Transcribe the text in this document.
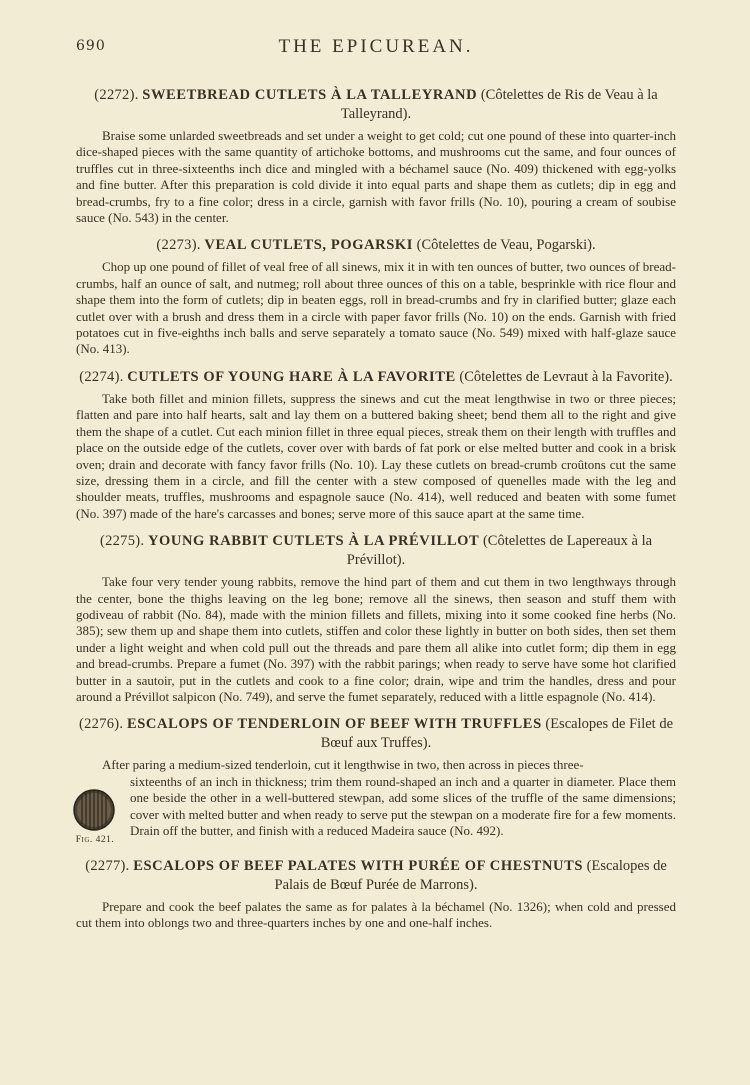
690	THE EPICUREAN.
(2272). SWEETBREAD CUTLETS À LA TALLEYRAND (Côtelettes de Ris de Veau à la Talleyrand).

Braise some unlarded sweetbreads and set under a weight to get cold; cut one pound of these into quarter-inch dice-shaped pieces with the same quantity of artichoke bottoms, and mushrooms cut the same, and four ounces of truffles cut in three-sixteenths inch dice and mingled with a béchamel sauce (No. 409) thickened with egg-yolks and fine butter. After this preparation is cold divide it into equal parts and shape them as cutlets; dip in egg and bread-crumbs, fry to a fine color; dress in a circle, garnish with favor frills (No. 10), pouring a cream of soubise sauce (No. 543) in the center.

(2273). VEAL CUTLETS, POGARSKI (Côtelettes de Veau, Pogarski).

Chop up one pound of fillet of veal free of all sinews, mix it in with ten ounces of butter, two ounces of bread-crumbs, half an ounce of salt, and nutmeg; roll about three ounces of this on a table, besprinkle with rice flour and shape them into the form of cutlets; dip in beaten eggs, roll in bread-crumbs and fry in clarified butter; glaze each cutlet over with a brush and dress them in a circle with paper favor frills (No. 10) on the ends. Garnish with fried potatoes cut in five-eighths inch balls and serve separately a tomato sauce (No. 549) mixed with half-glaze sauce (No. 413).

(2274). CUTLETS OF YOUNG HARE À LA FAVORITE (Côtelettes de Levraut à la Favorite).

Take both fillet and minion fillets, suppress the sinews and cut the meat lengthwise in two or three pieces; flatten and pare into half hearts, salt and lay them on a buttered baking sheet; bend them all to the right and give them the shape of a cutlet. Cut each minion fillet in three equal pieces, streak them on their length with truffles and place on the outside edge of the cutlets, cover over with bards of fat pork or else melted butter and cook in a brisk oven; drain and decorate with fancy favor frills (No. 10). Lay these cutlets on bread-crumb croûtons cut the same size, dressing them in a circle, and fill the center with a stew composed of quenelles made with the leg and shoulder meats, truffles, mushrooms and espagnole sauce (No. 414), well reduced and beaten with some fumet (No. 397) made of the hare's carcasses and bones; serve more of this sauce apart at the same time.

(2275). YOUNG RABBIT CUTLETS À LA PRÉVILLOT (Côtelettes de Lapereaux à la Prévillot).

Take four very tender young rabbits, remove the hind part of them and cut them in two lengthways through the center, bone the thighs leaving on the leg bone; remove all the sinews, then season and stuff them with godiveau of rabbit (No. 84), made with the minion fillets and fillets, mixing into it some cooked fine herbs (No. 385); sew them up and shape them into cutlets, stiffen and color these lightly in butter on both sides, then set them under a light weight and when cold pull out the threads and pare them all alike into cutlet form; dip them in egg and bread-crumbs. Prepare a fumet (No. 397) with the rabbit parings; when ready to serve have some hot clarified butter in a sautoir, put in the cutlets and cook to a fine color; drain, wipe and trim the handles, dress and pour around a Prévillot salpicon (No. 749), and serve the fumet separately, reduced with a little espagnole (No. 414).

(2276). ESCALOPS OF TENDERLOIN OF BEEF WITH TRUFFLES (Escalopes de Filet de Bœuf aux Truffes).

After paring a medium-sized tenderloin, cut it lengthwise in two, then across in pieces three-

Fig. 421.

sixteenths of an inch in thickness; trim them round-shaped an inch and a quarter in diameter. Place them one beside the other in a well-buttered stewpan, add some slices of the truffle of the same dimensions; cover with melted butter and when ready to serve put the stewpan on a moderate fire for a few moments. Drain off the butter, and finish with a reduced Madeira sauce (No. 492).

(2277). ESCALOPS OF BEEF PALATES WITH PURÉE OF CHESTNUTS (Escalopes de Palais de Bœuf Purée de Marrons).

Prepare and cook the beef palates the same as for palates à la béchamel (No. 1326); when cold and pressed cut them into oblongs two and three-quarters inches by one and one-half inches.
